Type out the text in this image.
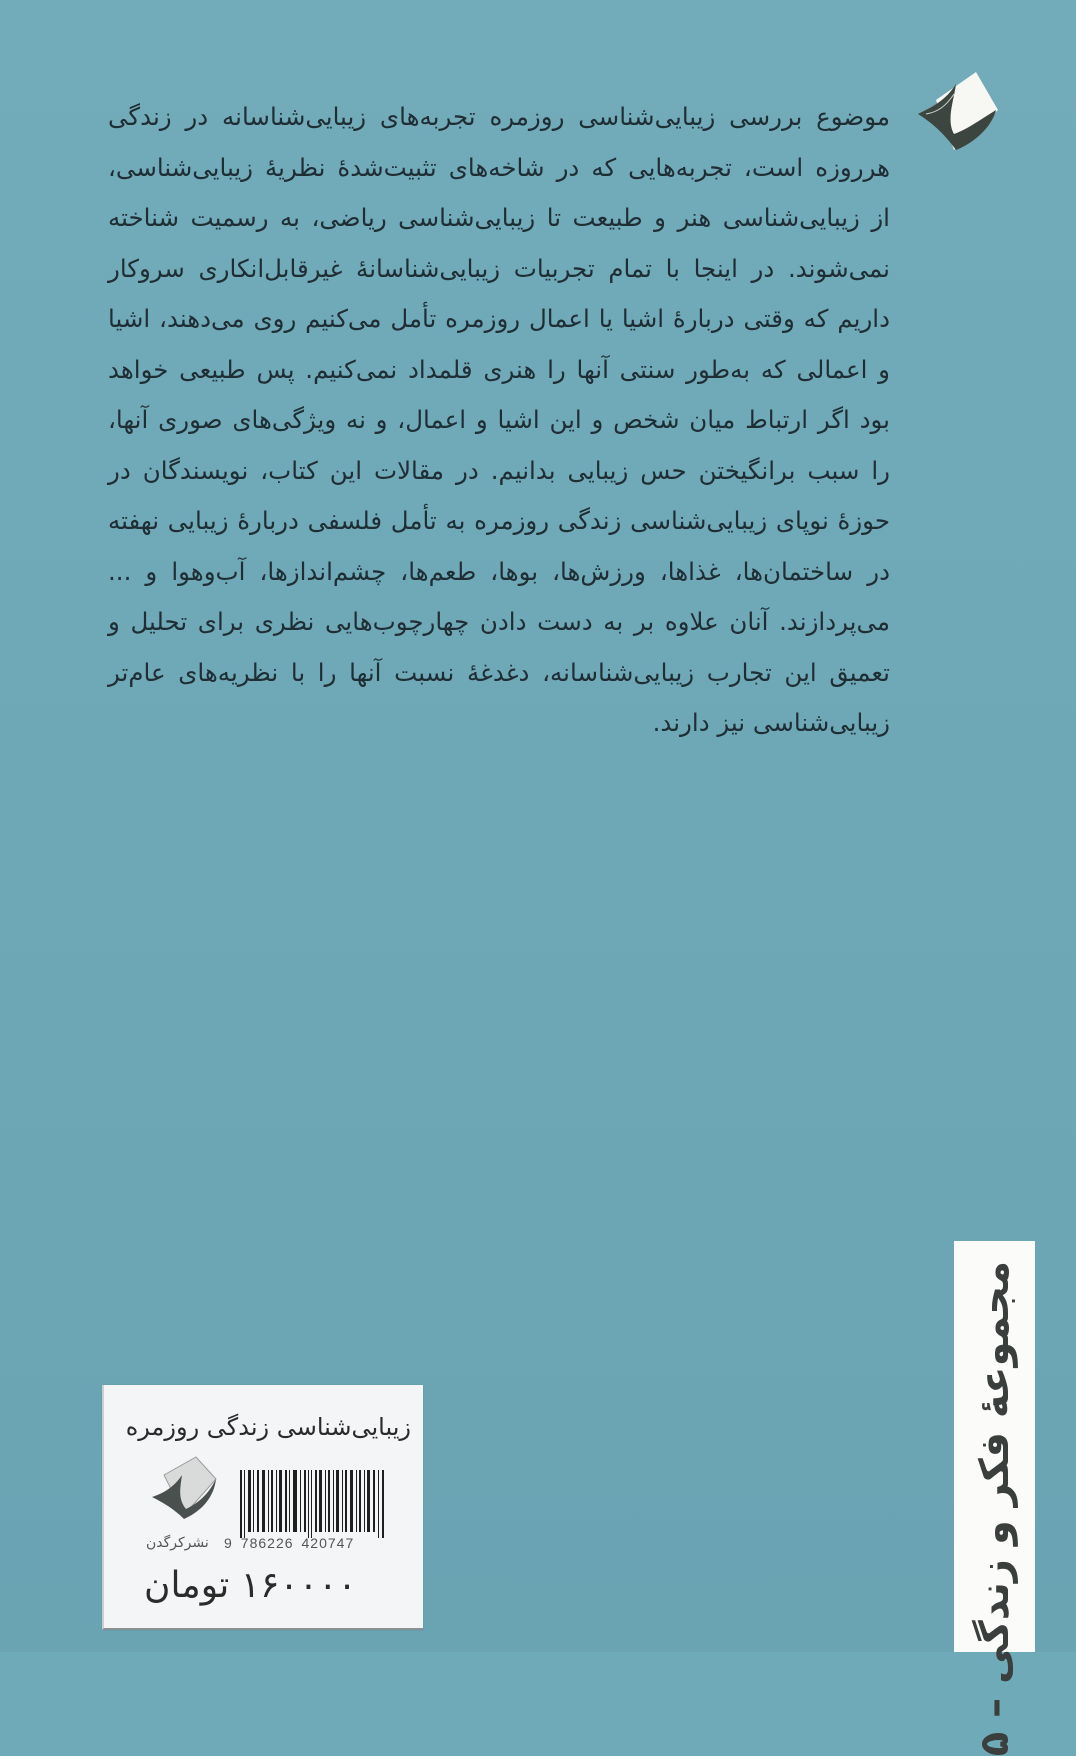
موضوع بررسی زیبایی‌شناسی روزمره تجربه‌های زیبایی‌شناسانه در زندگی
هرروزه است، تجربه‌هایی که در شاخه‌های تثبیت‌شدهٔ نظریهٔ زیبایی‌شناسی،
از زیبایی‌شناسی هنر و طبیعت تا زیبایی‌شناسی ریاضی، به رسمیت شناخته
نمی‌شوند. در اینجا با تمام تجربیات زیبایی‌شناسانهٔ غیرقابل‌انکاری سروکار
داریم که وقتی دربارهٔ اشیا یا اعمال روزمره تأمل می‌کنیم روی می‌دهند، اشیا
و اعمالی که به‌طور سنتی آنها را هنری قلمداد نمی‌کنیم. پس طبیعی خواهد
بود اگر ارتباط میان شخص و این اشیا و اعمال، و نه ویژگی‌های صوری آنها،
را سبب برانگیختن حس زیبایی بدانیم. در مقالات این کتاب، نویسندگان در
حوزهٔ نوپای زیبایی‌شناسی زندگی روزمره به تأمل فلسفی دربارهٔ زیبایی نهفته
در ساختمان‌ها، غذاها، ورزش‌ها، بوها، طعم‌ها، چشم‌اندازها، آب‌وهوا و ...
می‌پردازند. آنان علاوه بر به دست دادن چهارچوب‌هایی نظری برای تحلیل و
تعمیق این تجارب زیبایی‌شناسانه، دغدغهٔ نسبت آنها را با نظریه‌های عام‌تر
زیبایی‌شناسی نیز دارند.
مجموعهٔ فکر و زندگی – ۵
زیبایی‌شناسی زندگی روزمره
نشرکرگدن 9 786226 420747
۱۶۰۰۰۰ تومان
